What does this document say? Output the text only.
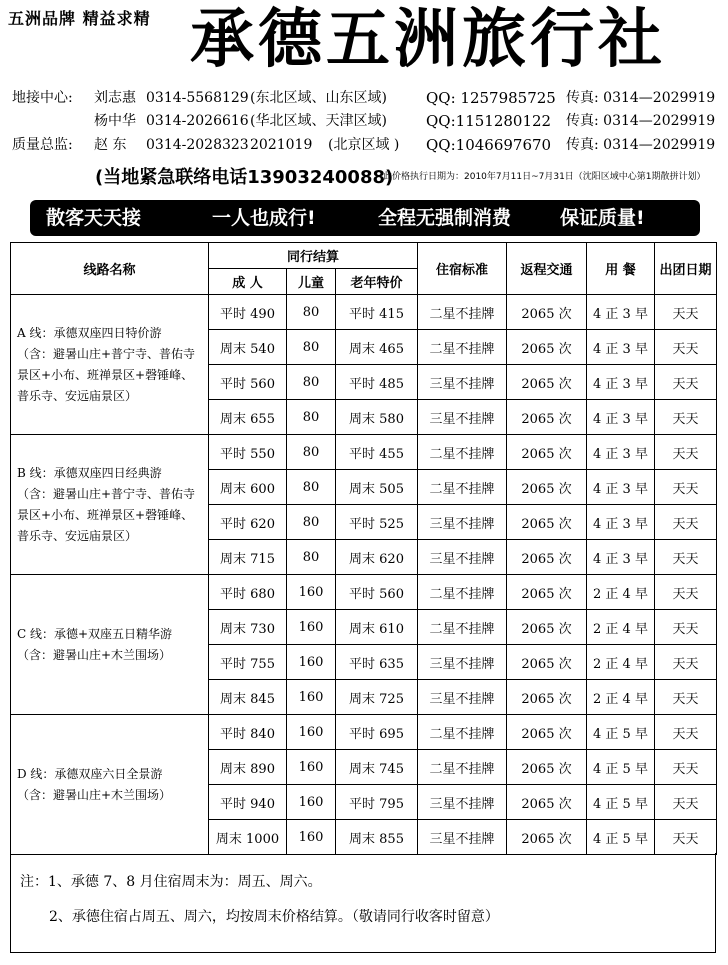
五洲品牌 精益求精 承德五洲旅行社
地接中心: 刘志惠 0314-5568129 (东北区域、山东区域)	QQ: 1257985725 传真: 0314—2029919
杨中华 0314-2026616 (华北区域、天津区域)	QQ:1151280122 传真: 0314—2029919
质量总监: 赵 东 0314-2028323 2021019 (北京区域 ) QQ:1046697670 传真: 0314—2029919
(当地紧急联络电话13903240088)
此价格执行日期为：2010年7月11日~7月31日（沈阳区域中心第1期散拼计划）
散客天天接	一人也成行!	全程无强制消费	保证质量!
线路名称	同行结算			住宿标准	返程交通	用 餐	出团日期
	成 人	儿童	老年特价				

A 线：承德双座四日特价游
（含：避暑山庄+普宁寺、普佑寺
景区+小布、班禅景区+磬锤峰、
普乐寺、安远庙景区）	平时 490	80	平时 415	二星不挂牌	2065 次	4 正 3 早	天天
	周末 540	80	周末 465	二星不挂牌	2065 次	4 正 3 早	天天
	平时 560	80	平时 485	三星不挂牌	2065 次	4 正 3 早	天天
	周末 655	80	周末 580	三星不挂牌	2065 次	4 正 3 早	天天

B 线：承德双座四日经典游
（含：避暑山庄+普宁寺、普佑寺
景区+小布、班禅景区+磬锤峰、
普乐寺、安远庙景区）	平时 550	80	平时 455	二星不挂牌	2065 次	4 正 3 早	天天
	周末 600	80	周末 505	二星不挂牌	2065 次	4 正 3 早	天天
	平时 620	80	平时 525	三星不挂牌	2065 次	4 正 3 早	天天
	周末 715	80	周末 620	三星不挂牌	2065 次	4 正 3 早	天天

C 线：承德+双座五日精华游
（含：避暑山庄+木兰围场）	平时 680	160	平时 560	二星不挂牌	2065 次	2 正 4 早	天天
	周末 730	160	周末 610	二星不挂牌	2065 次	2 正 4 早	天天
	平时 755	160	平时 635	三星不挂牌	2065 次	2 正 4 早	天天
	周末 845	160	周末 725	三星不挂牌	2065 次	2 正 4 早	天天

D 线：承德双座六日全景游
（含：避暑山庄+木兰围场）	平时 840	160	平时 695	二星不挂牌	2065 次	4 正 5 早	天天
	周末 890	160	周末 745	二星不挂牌	2065 次	4 正 5 早	天天
	平时 940	160	平时 795	三星不挂牌	2065 次	4 正 5 早	天天
	周末 1000	160	周末 855	三星不挂牌	2065 次	4 正 5 早	天天
注：1、承德 7、8 月住宿周末为：周五、周六。
2、承德住宿占周五、周六，均按周末价格结算。（敬请同行收客时留意）
